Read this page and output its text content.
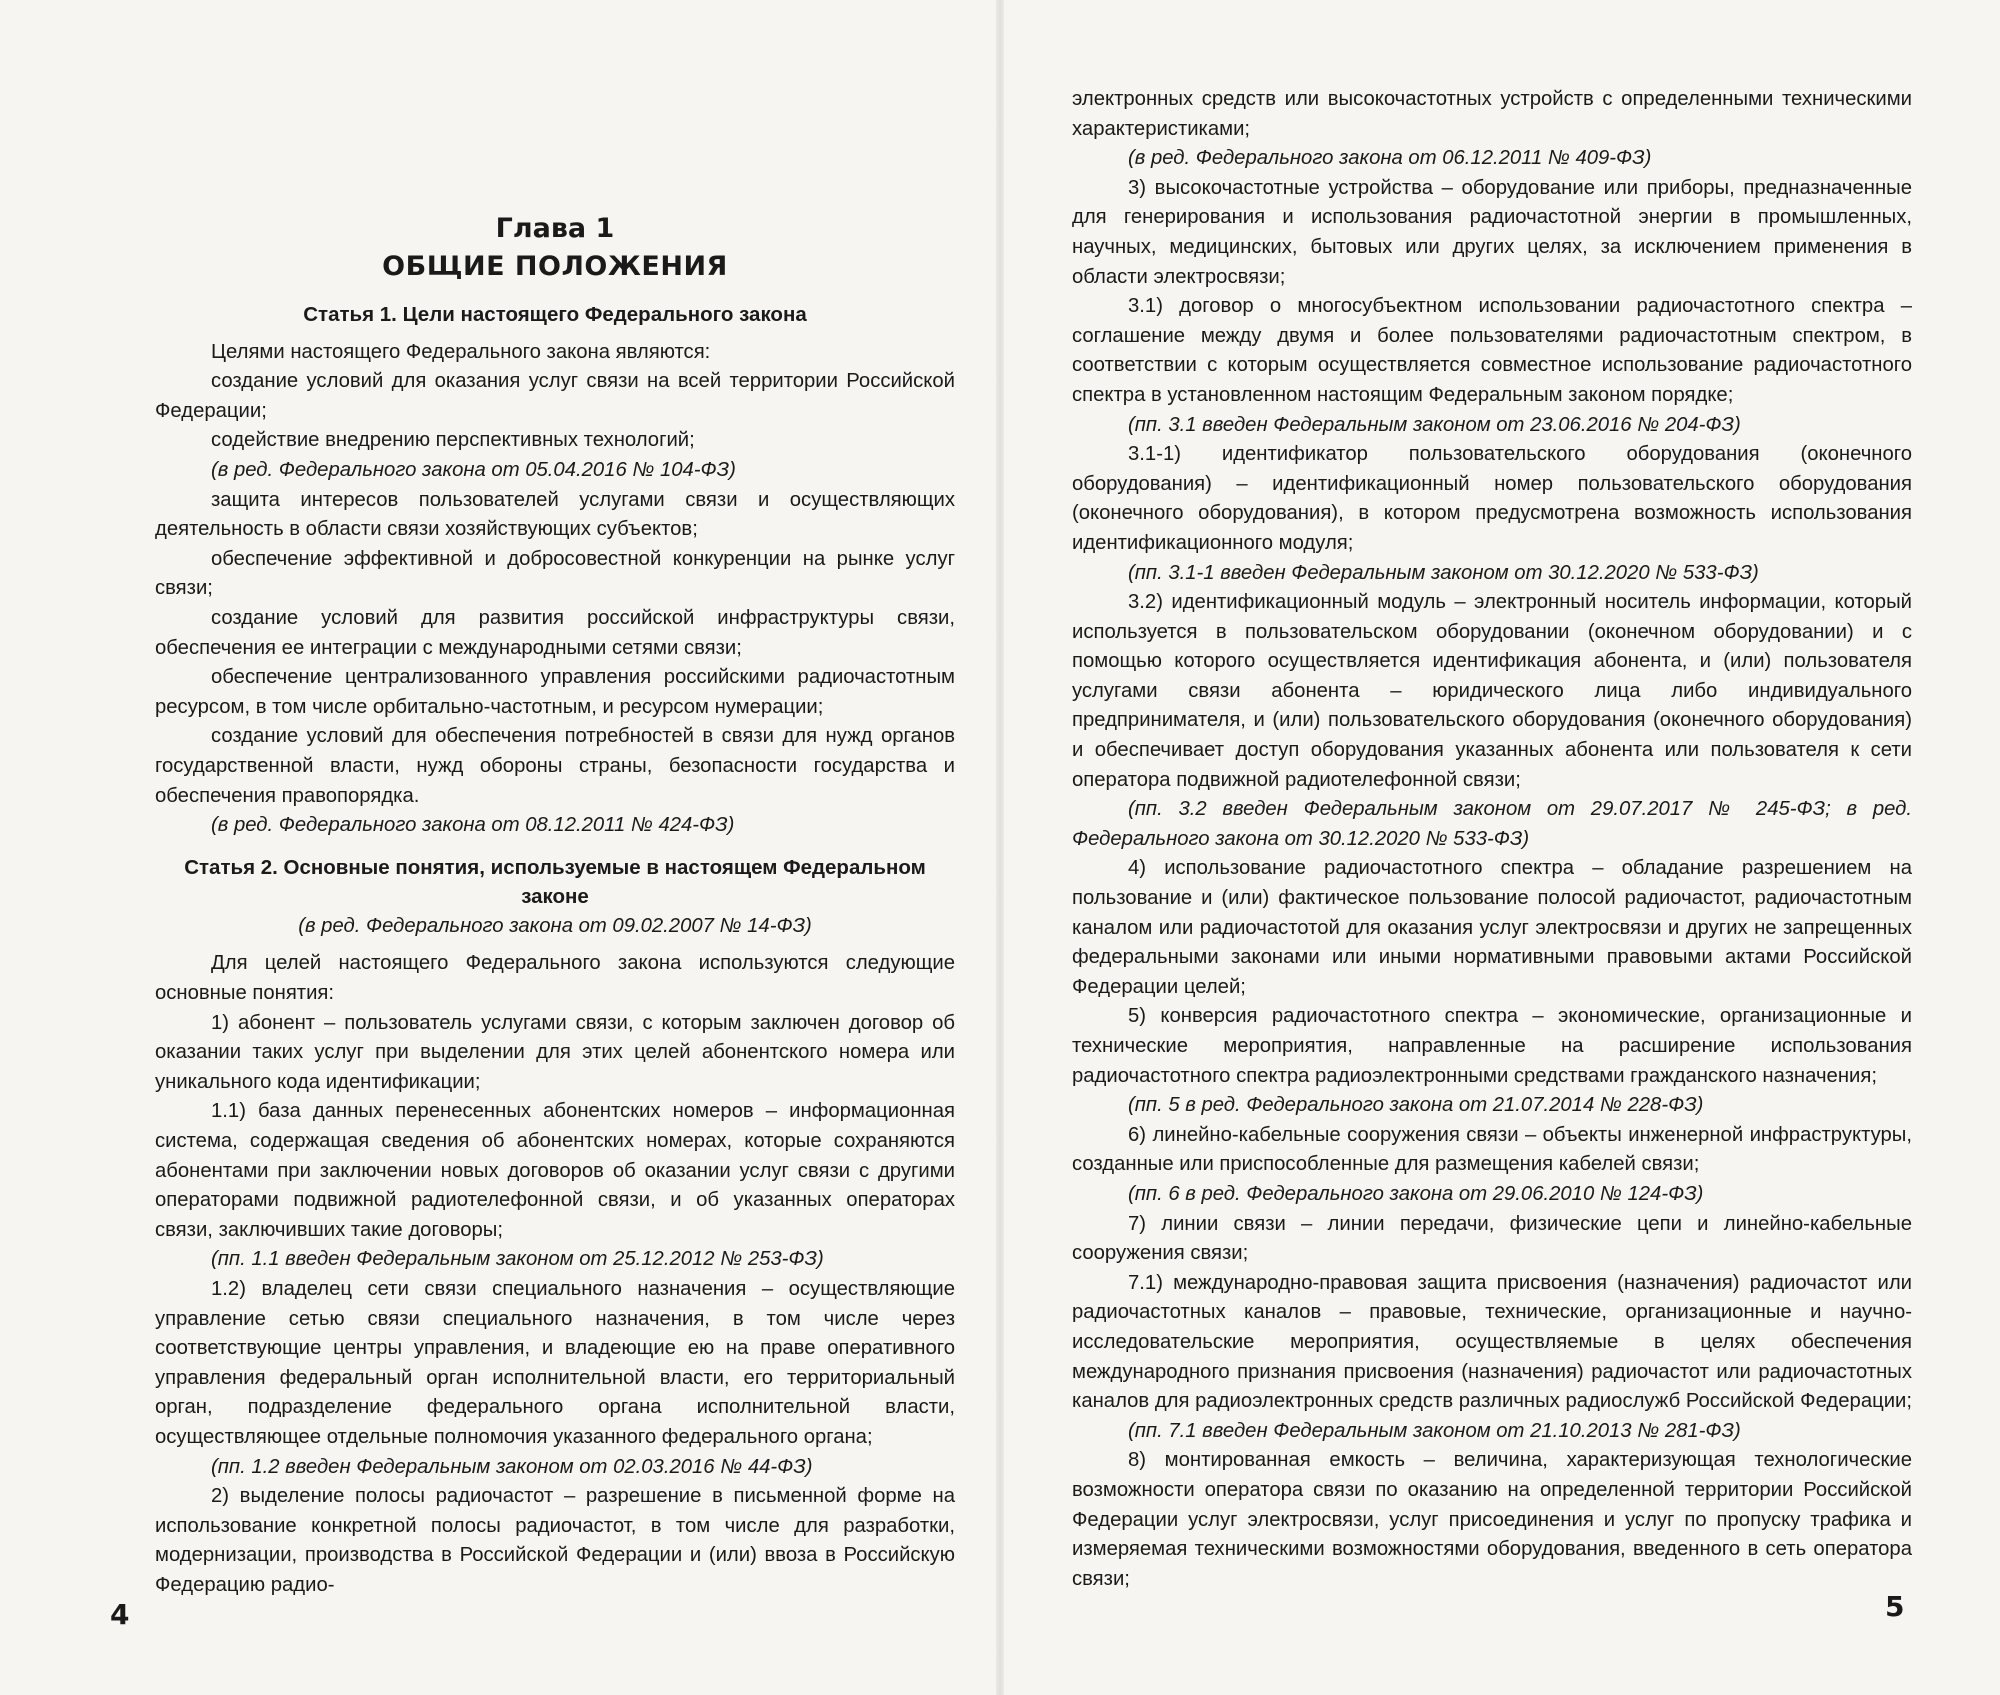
Глава 1
ОБЩИЕ ПОЛОЖЕНИЯ

Статья 1. Цели настоящего Федерального закона

Целями настоящего Федерального закона являются:

создание условий для оказания услуг связи на всей территории Российской Федерации;

содействие внедрению перспективных технологий;

(в ред. Федерального закона от 05.04.2016 № 104-ФЗ)

защита интересов пользователей услугами связи и осуществляющих деятельность в области связи хозяйствующих субъектов;

обеспечение эффективной и добросовестной конкуренции на рынке услуг связи;

создание условий для развития российской инфраструктуры связи, обеспечения ее интеграции с международными сетями связи;

обеспечение централизованного управления российскими радиочастотным ресурсом, в том числе орбитально-частотным, и ресурсом нумерации;

создание условий для обеспечения потребностей в связи для нужд органов государственной власти, нужд обороны страны, безопасности государства и обеспечения правопорядка.

(в ред. Федерального закона от 08.12.2011 № 424-ФЗ)

Статья 2. Основные понятия, используемые в настоящем Федеральном

законе

(в ред. Федерального закона от 09.02.2007 № 14-ФЗ)

Для целей настоящего Федерального закона используются следующие основные понятия:

1) абонент – пользователь услугами связи, с которым заключен договор об оказании таких услуг при выделении для этих целей абонентского номера или уникального кода идентификации;

1.1) база данных перенесенных абонентских номеров – информационная система, содержащая сведения об абонентских номерах, которые сохраняются абонентами при заключении новых договоров об оказании услуг связи с другими операторами подвижной радиотелефонной связи, и об указанных операторах связи, заключивших такие договоры;

(пп. 1.1 введен Федеральным законом от 25.12.2012 № 253-ФЗ)

1.2) владелец сети связи специального назначения – осуществляющие управление сетью связи специального назначения, в том числе через соответствующие центры управления, и владеющие ею на праве оперативного управления федеральный орган исполнительной власти, его территориальный орган, подразделение федерального органа исполнительной власти, осуществляющее отдельные полномочия указанного федерального органа;

(пп. 1.2 введен Федеральным законом от 02.03.2016 № 44-ФЗ)

2) выделение полосы радиочастот – разрешение в письменной форме на использование конкретной полосы радиочастот, в том числе для разработки, модернизации, производства в Российской Федерации и (или) ввоза в Российскую Федерацию радио-

4

электронных средств или высокочастотных устройств с определенными техническими характеристиками;

(в ред. Федерального закона от 06.12.2011 № 409-ФЗ)

3) высокочастотные устройства – оборудование или приборы, предназначенные для генерирования и использования радиочастотной энергии в промышленных, научных, медицинских, бытовых или других целях, за исключением применения в области электросвязи;

3.1) договор о многосубъектном использовании радиочастотного спектра – соглашение между двумя и более пользователями радиочастотным спектром, в соответствии с которым осуществляется совместное использование радиочастотного спектра в установленном настоящим Федеральным законом порядке;

(пп. 3.1 введен Федеральным законом от 23.06.2016 № 204-ФЗ)

3.1-1) идентификатор пользовательского оборудования (оконечного оборудования) – идентификационный номер пользовательского оборудования (оконечного оборудования), в котором предусмотрена возможность использования идентификационного модуля;

(пп. 3.1-1 введен Федеральным законом от 30.12.2020 № 533-ФЗ)

3.2) идентификационный модуль – электронный носитель информации, который используется в пользовательском оборудовании (оконечном оборудовании) и с помощью которого осуществляется идентификация абонента, и (или) пользователя услугами связи абонента – юридического лица либо индивидуального предпринимателя, и (или) пользовательского оборудования (оконечного оборудования) и обеспечивает доступ оборудования указанных абонента или пользователя к сети оператора подвижной радиотелефонной связи;

(пп. 3.2 введен Федеральным законом от 29.07.2017 № 245-ФЗ; в ред. Федерального закона от 30.12.2020 № 533-ФЗ)

4) использование радиочастотного спектра – обладание разрешением на пользование и (или) фактическое пользование полосой радиочастот, радиочастотным каналом или радиочастотой для оказания услуг электросвязи и других не запрещенных федеральными законами или иными нормативными правовыми актами Российской Федерации целей;

5) конверсия радиочастотного спектра – экономические, организационные и технические мероприятия, направленные на расширение использования радиочастотного спектра радиоэлектронными средствами гражданского назначения;

(пп. 5 в ред. Федерального закона от 21.07.2014 № 228-ФЗ)

6) линейно-кабельные сооружения связи – объекты инженерной инфраструктуры, созданные или приспособленные для размещения кабелей связи;

(пп. 6 в ред. Федерального закона от 29.06.2010 № 124-ФЗ)

7) линии связи – линии передачи, физические цепи и линейно-кабельные сооружения связи;

7.1) международно-правовая защита присвоения (назначения) радиочастот или радиочастотных каналов – правовые, технические, организационные и научно-исследовательские мероприятия, осуществляемые в целях обеспечения международного признания присвоения (назначения) радиочастот или радиочастотных каналов для радиоэлектронных средств различных радиослужб Российской Федерации;

(пп. 7.1 введен Федеральным законом от 21.10.2013 № 281-ФЗ)

8) монтированная емкость – величина, характеризующая технологические возможности оператора связи по оказанию на определенной территории Российской Федерации услуг электросвязи, услуг присоединения и услуг по пропуску трафика и измеряемая техническими возможностями оборудования, введенного в сеть оператора связи;

5
